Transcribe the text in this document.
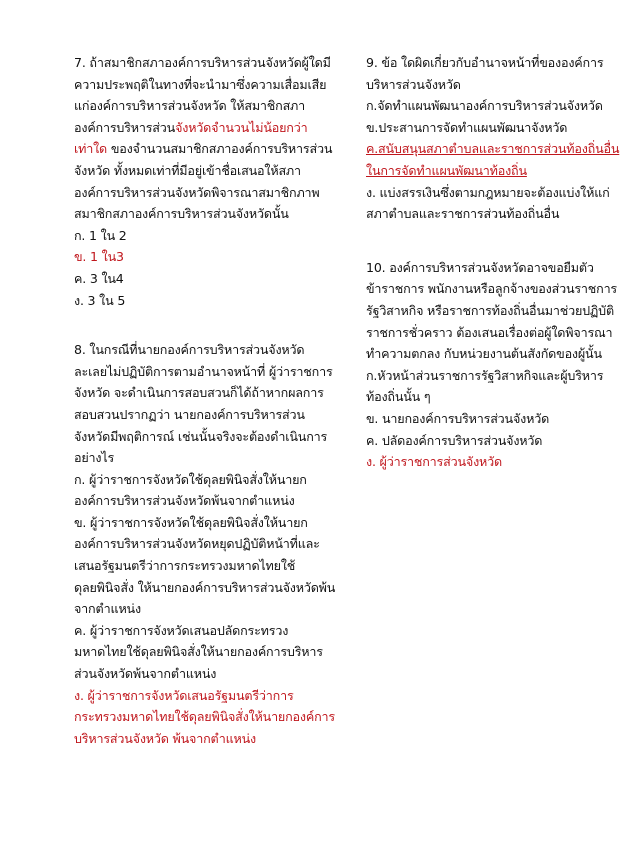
7. ถ้าสมาชิกสภาองค์การบริหารส่วนจังหวัดผู้ใดมีความประพฤติในทางที่จะนำมาซึ่งความเสื่อมเสีย แก่องค์การบริหารส่วนจังหวัด ให้สมาชิกสภาองค์การบริหารส่วนจังหวัดจำนวนไม่น้อยกว่าเท่าใด ของจำนวนสมาชิกสภาองค์การบริหารส่วนจังหวัด ทั้งหมดเท่าที่มีอยู่เข้าชื่อเสนอให้สภาองค์การบริหารส่วนจังหวัดพิจารณาสมาชิกภาพสมาชิกสภาองค์การบริหารส่วนจังหวัดนั้น

ก. 1 ใน 2

ข. 1 ใน3

ค. 3 ใน4

ง. 3 ใน 5

8. ในกรณีที่นายกองค์การบริหารส่วนจังหวัดละเลยไม่ปฏิบัติการตามอำนาจหน้าที่ ผู้ว่าราชการจังหวัด จะดำเนินการสอบสวนก็ได้ถ้าหากผลการสอบสวนปรากฏว่า นายกองค์การบริหารส่วนจังหวัดมีพฤติการณ์ เช่นนั้นจริงจะต้องดำเนินการอย่างไร

ก. ผู้ว่าราชการจังหวัดใช้ดุลยพินิจสั่งให้นายกองค์การบริหารส่วนจังหวัดพ้นจากตำแหน่ง

ข. ผู้ว่าราชการจังหวัดใช้ดุลยพินิจสั่งให้นายกองค์การบริหารส่วนจังหวัดหยุดปฏิบัติหน้าที่และเสนอรัฐมนตรีว่าการกระทรวงมหาดไทยใช้ดุลยพินิจสั่ง ให้นายกองค์การบริหารส่วนจังหวัดพ้นจากตำแหน่ง

ค. ผู้ว่าราชการจังหวัดเสนอปลัดกระทรวงมหาดไทยใช้ดุลยพินิจสั่งให้นายกองค์การบริหารส่วนจังหวัดพ้นจากตำแหน่ง

ง. ผู้ว่าราชการจังหวัดเสนอรัฐมนตรีว่าการกระทรวงมหาดไทยใช้ดุลยพินิจสั่งให้นายกองค์การบริหารส่วนจังหวัด พ้นจากตำแหน่ง

9. ข้อ ใดผิดเกี่ยวกับอำนาจหน้าที่ขององค์การบริหารส่วนจังหวัด

ก.จัดทำแผนพัฒนาองค์การบริหารส่วนจังหวัด

ข.ประสานการจัดทำแผนพัฒนาจังหวัด

ค.สนับสนุนสภาตำบลและราชการส่วนท้องถิ่นอื่นในการจัดทำแผนพัฒนาท้องถิ่น

ง. แบ่งสรรเงินซึ่งตามกฎหมายจะต้องแบ่งให้แก่สภาตำบลและราชการส่วนท้องถิ่นอื่น

10. องค์การบริหารส่วนจังหวัดอาจขอยืมตัวข้าราชการ พนักงานหรือลูกจ้างของส่วนราชการ รัฐวิสาหกิจ หรือราชการท้องถิ่นอื่นมาช่วยปฏิบัติราชการชั่วคราว ต้องเสนอเรื่องต่อผู้ใดพิจารณาทำความตกลง กับหน่วยงานต้นสังกัดของผู้นั้น

ก.หัวหน้าส่วนราชการรัฐวิสาหกิจและผู้บริหารท้องถิ่นนั้น ๆ

ข. นายกองค์การบริหารส่วนจังหวัด

ค. ปลัดองค์การบริหารส่วนจังหวัด

ง. ผู้ว่าราชการส่วนจังหวัด
